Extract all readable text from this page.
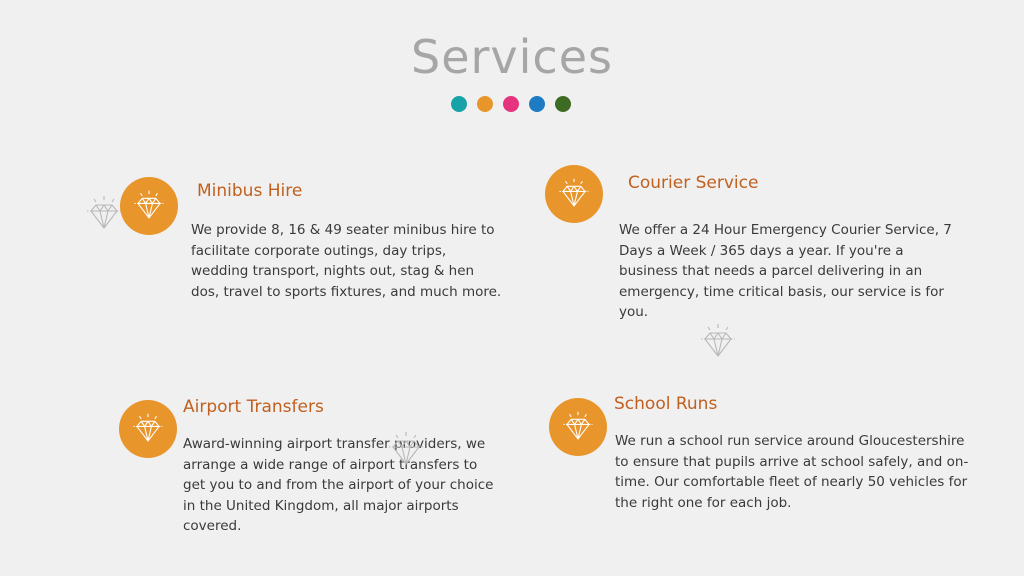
Services
Minibus Hire
We provide 8, 16 & 49 seater minibus hire to facilitate corporate outings, day trips, wedding transport, nights out, stag & hen dos, travel to sports fixtures, and much more.
Courier Service
We offer a 24 Hour Emergency Courier Service, 7 Days a Week / 365 days a year. If you're a business that needs a parcel delivering in an emergency, time critical basis, our service is for you.
Airport Transfers
Award-winning airport transfer providers, we arrange a wide range of airport transfers to get you to and from the airport of your choice in the United Kingdom, all major airports covered.
School Runs
We run a school run service around Gloucestershire to ensure that pupils arrive at school safely, and on-time. Our comfortable fleet of nearly 50 vehicles for the right one for each job.
